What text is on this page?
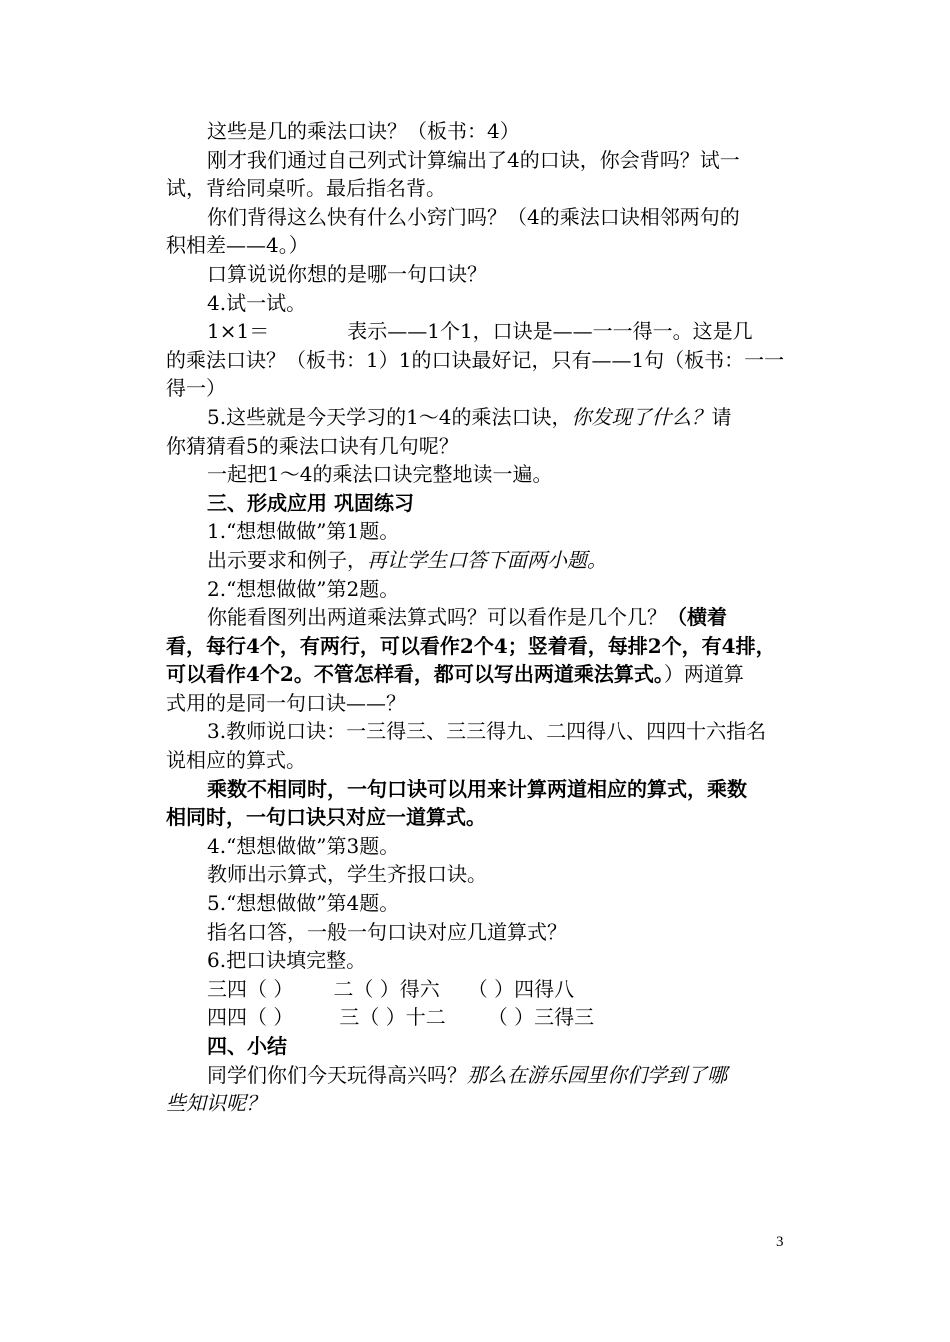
这些是几的乘法口诀？（板书：4）
刚才我们通过自己列式计算编出了4的口诀，你会背吗？试一
试，背给同桌听。最后指名背。
你们背得这么快有什么小窍门吗？（4的乘法口诀相邻两句的
积相差——4。）
口算说说你想的是哪一句口诀？
4.试一试。
1×1＝	表示——1个1，口诀是——一一得一。这是几
的乘法口诀？（板书：1）1的口诀最好记，只有——1句（板书：一一
得一）
5.这些就是今天学习的1～4的乘法口诀，你发现了什么？请
你猜猜看5的乘法口诀有几句呢？
一起把1～4的乘法口诀完整地读一遍。
三、形成应用 巩固练习
1.“想想做做”第1题。
出示要求和例子，再让学生口答下面两小题。
2.“想想做做”第2题。
你能看图列出两道乘法算式吗？可以看作是几个几？（横着
看，每行4个，有两行，可以看作2个4；竖着看，每排2个，有4排，
可以看作4个2。不管怎样看，都可以写出两道乘法算式。）两道算
式用的是同一句口诀——？
3.教师说口诀：一三得三、三三得九、二四得八、四四十六指名
说相应的算式。
乘数不相同时，一句口诀可以用来计算两道相应的算式，乘数
相同时，一句口诀只对应一道算式。
4.“想想做做”第3题。
教师出示算式，学生齐报口诀。
5.“想想做做”第4题。
指名口答，一般一句口诀对应几道算式？
6.把口诀填完整。
三四（ ） 二（ ）得六 （ ）四得八
四四（ ） 三（ ）十二 （ ）三得三
四、小结
同学们你们今天玩得高兴吗？那么在游乐园里你们学到了哪
些知识呢？
3
